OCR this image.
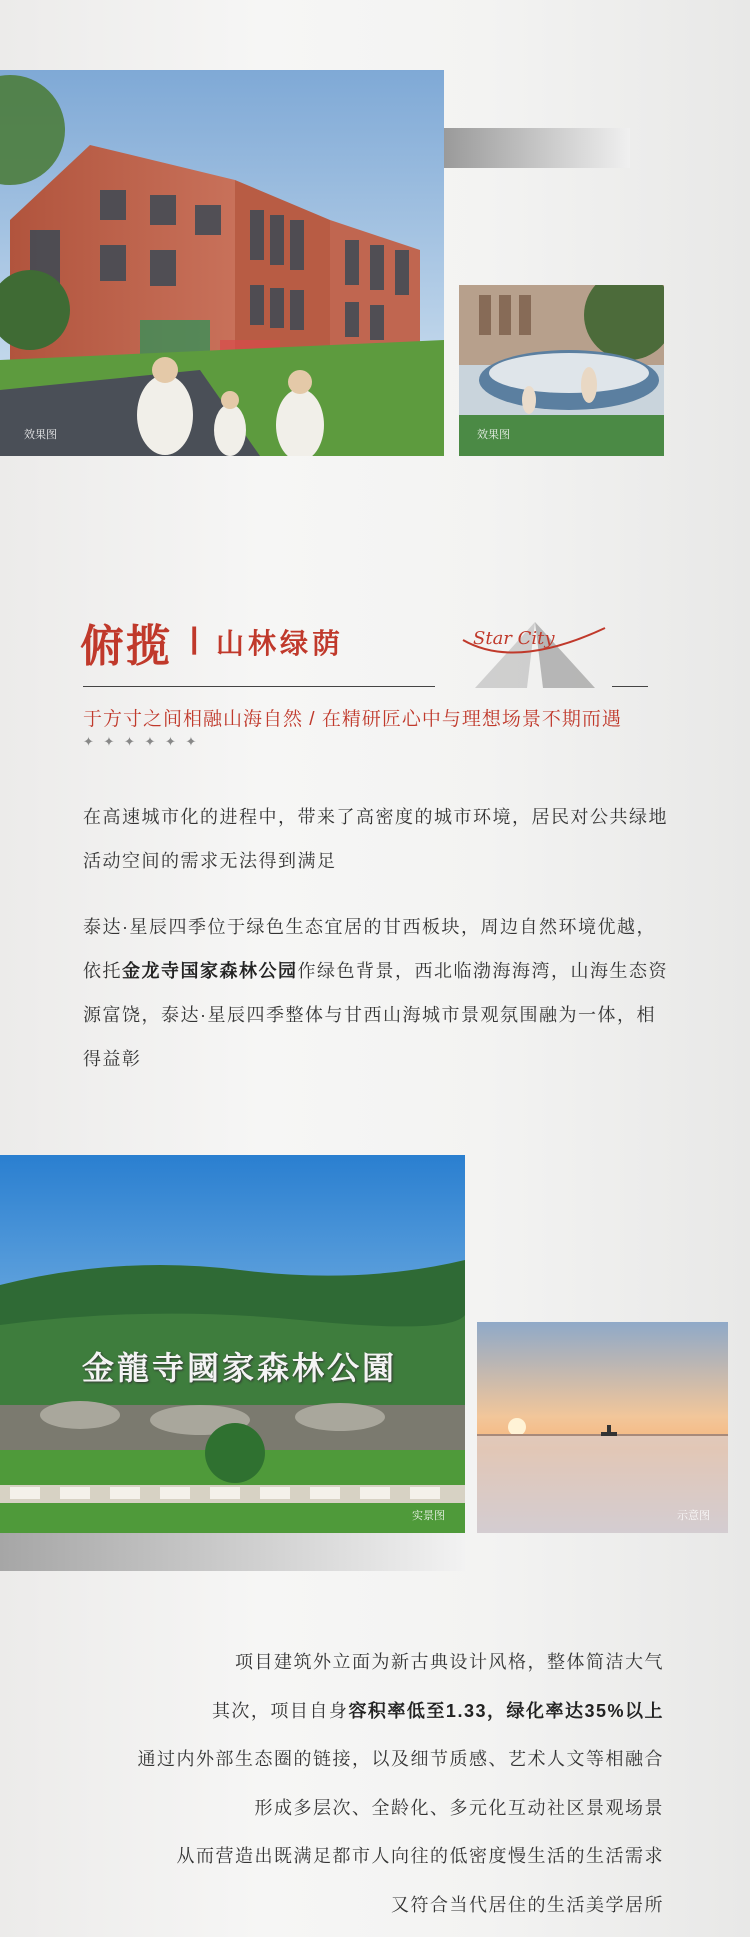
效果图	效果图
俯揽 | 山林绿荫	Star City
于方寸之间相融山海自然 / 在精研匠心中与理想场景不期而遇
✦ ✦ ✦ ✦ ✦ ✦
在高速城市化的进程中，带来了高密度的城市环境，居民对公共绿地活动空间的需求无法得到满足
泰达·星辰四季位于绿色生态宜居的甘西板块，周边自然环境优越，依托金龙寺国家森林公园作绿色背景，西北临渤海海湾，山海生态资源富饶，泰达·星辰四季整体与甘西山海城市景观氛围融为一体，相得益彰
金龍寺國家森林公園
实景图	示意图
项目建筑外立面为新古典设计风格，整体简洁大气
其次，项目自身容积率低至1.33，绿化率达35%以上
通过内外部生态圈的链接，以及细节质感、艺术人文等相融合
形成多层次、全龄化、多元化互动社区景观场景
从而营造出既满足都市人向往的低密度慢生活的生活需求
又符合当代居住的生活美学居所
